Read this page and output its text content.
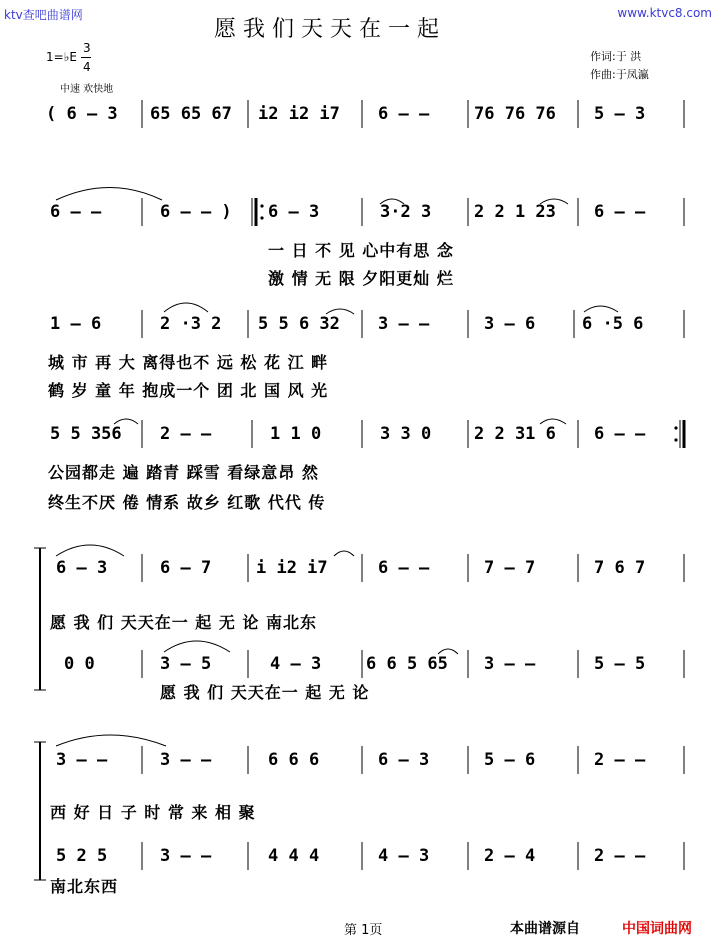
ktv查吧曲谱网	www.ktvc8.com
愿我们天天在一起
1=♭E
3
4
中速 欢快地
作词:于 洪
作曲:于凤瀛
( 6 – 3 65 65 67 i2 i2 i7 6 – –	76 76 76 5 – 3
6 – –	6 – – ) 6 – 3	3·2 3	2 2 1 23 6 – –
一 日 不 见 心中有思 念
激 情 无 限 夕阳更灿 烂
1 – 6	2 ·3 2 5 5 6 32 3 – –	3 – 6	6 ·5 6
城 市 再 大 离得也不 远 松 花 江 畔
鹤 岁 童 年 抱成一个 团 北 国 风 光
5 5 356 2 – –	1 1 0	3 3 0	2 2 31 6 6 – –
公园都走 遍 踏青 踩雪 看绿意昂 然
终生不厌 倦 情系 故乡 红歌 代代 传
6 – 3	6 – 7	i i2 i7	6 – –	7 – 7	7 6 7
愿 我 们 天天在一 起 无 论 南北东
0 0	3 – 5	4 – 3	6 6 5 65 3 – –	5 – 5
愿 我 们 天天在一 起 无 论
3 – –	3 – –	6 6 6	6 – 3	5 – 6	2 – –
西 好 日 子 时 常 来 相 聚
5 2 5	3 – –	4 4 4	4 – 3	2 – 4	2 – –
南北东西
第 1页	本曲谱源自	中国词曲网
